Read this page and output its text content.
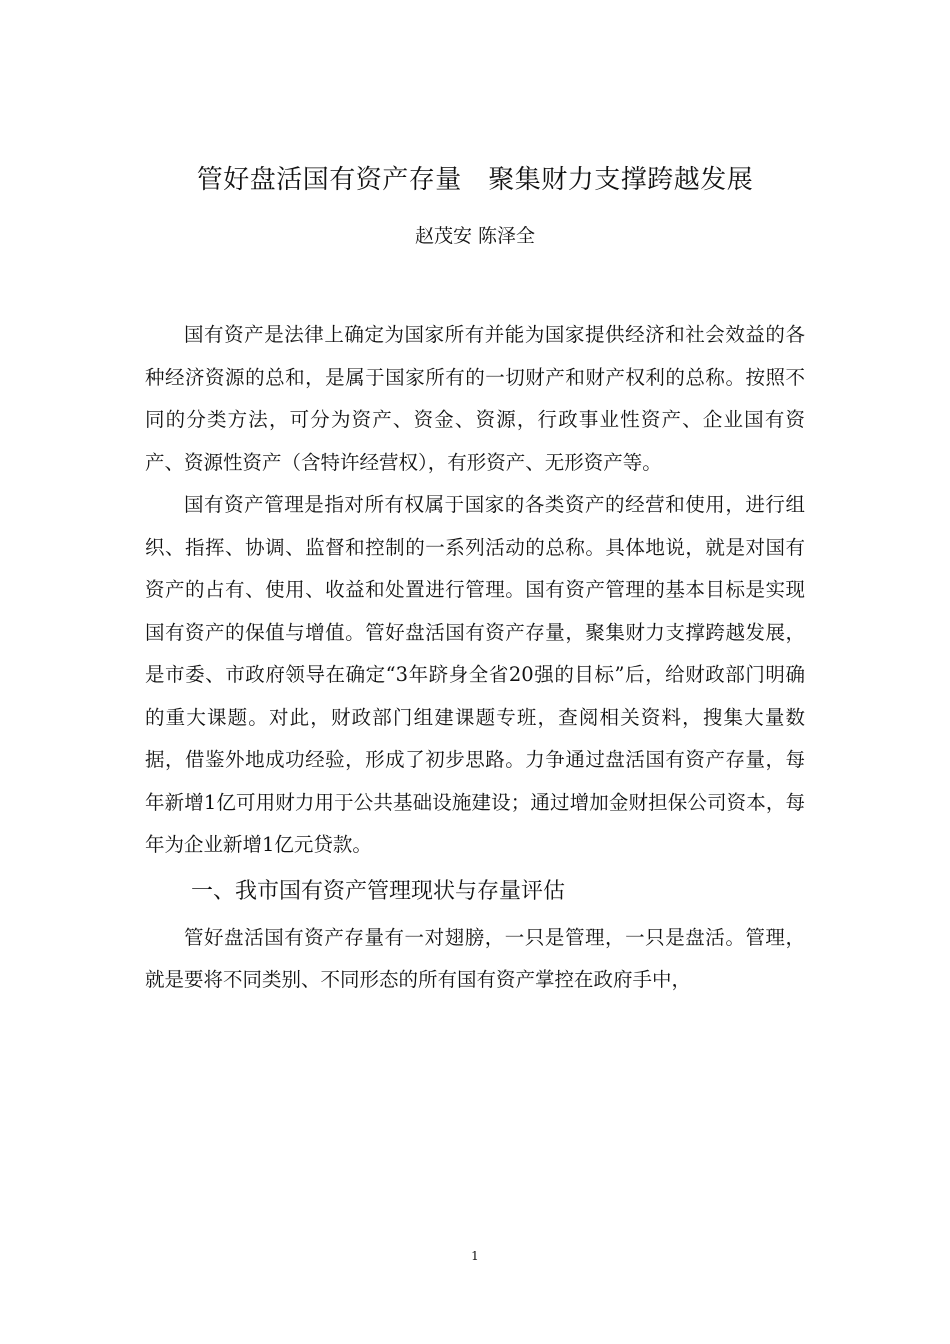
管好盘活国有资产存量　聚集财力支撑跨越发展
赵茂安 陈泽全

国有资产是法律上确定为国家所有并能为国家提供经济和社会效益的各种经济资源的总和，是属于国家所有的一切财产和财产权利的总称。按照不同的分类方法，可分为资产、资金、资源，行政事业性资产、企业国有资产、资源性资产（含特许经营权），有形资产、无形资产等。

国有资产管理是指对所有权属于国家的各类资产的经营和使用，进行组织、指挥、协调、监督和控制的一系列活动的总称。具体地说，就是对国有资产的占有、使用、收益和处置进行管理。国有资产管理的基本目标是实现国有资产的保值与增值。管好盘活国有资产存量，聚集财力支撑跨越发展，是市委、市政府领导在确定“3年跻身全省20强的目标”后，给财政部门明确的重大课题。对此，财政部门组建课题专班，查阅相关资料，搜集大量数据，借鉴外地成功经验，形成了初步思路。力争通过盘活国有资产存量，每年新增1亿可用财力用于公共基础设施建设；通过增加金财担保公司资本，每年为企业新增1亿元贷款。

一、我市国有资产管理现状与存量评估

管好盘活国有资产存量有一对翅膀，一只是管理，一只是盘活。管理，就是要将不同类别、不同形态的所有国有资产掌控在政府手中，

1
